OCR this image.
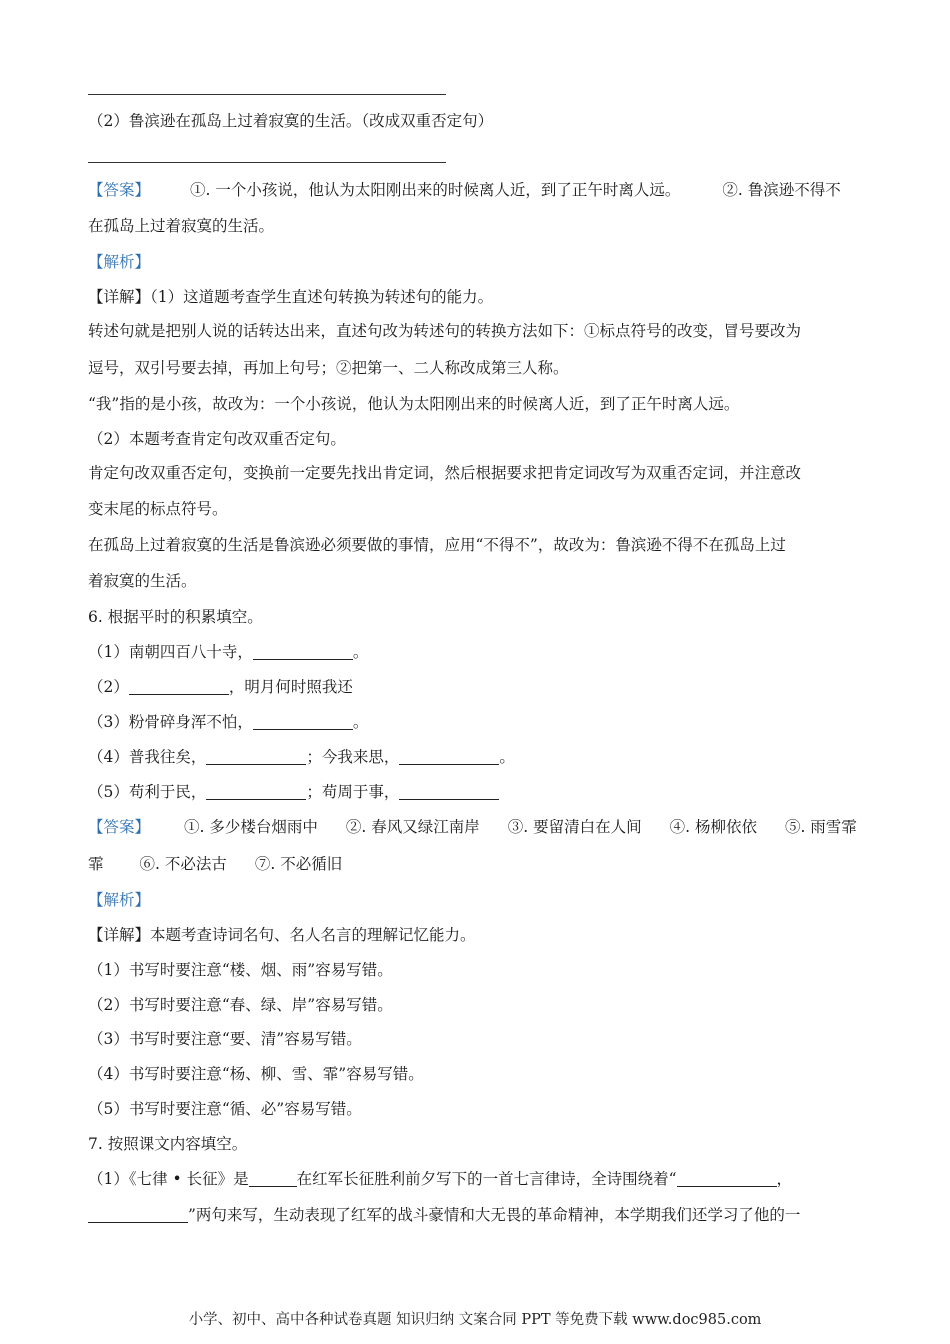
（2）鲁滨逊在孤岛上过着寂寞的生活。（改成双重否定句）
【答案】	①. 一个小孩说，他认为太阳刚出来的时候离人近，到了正午时离人远。	②. 鲁滨逊不得不
在孤岛上过着寂寞的生活。
【解析】
【详解】（1）这道题考查学生直述句转换为转述句的能力。
转述句就是把别人说的话转达出来，直述句改为转述句的转换方法如下：①标点符号的改变，冒号要改为
逗号，双引号要去掉，再加上句号；②把第一、二人称改成第三人称。
“我”指的是小孩，故改为：一个小孩说，他认为太阳刚出来的时候离人近，到了正午时离人远。
（2）本题考查肯定句改双重否定句。
肯定句改双重否定句，变换前一定要先找出肯定词，然后根据要求把肯定词改写为双重否定词，并注意改
变末尾的标点符号。
在孤岛上过着寂寞的生活是鲁滨逊必须要做的事情，应用“不得不”，故改为：鲁滨逊不得不在孤岛上过
着寂寞的生活。
6. 根据平时的积累填空。
（1）南朝四百八十寺，	。
（2）	，明月何时照我还
（3）粉骨碎身浑不怕，	。
（4）普我往矣，	；今我来思，	。
（5）苟利于民，	；苟周于事，
【答案】 ①. 多少楼台烟雨中 ②. 春风又绿江南岸 ③. 要留清白在人间 ④. 杨柳依依 ⑤. 雨雪霏
霏 ⑥. 不必法古 ⑦. 不必循旧
【解析】
【详解】本题考查诗词名句、名人名言的理解记忆能力。
（1）书写时要注意“楼、烟、雨”容易写错。
（2）书写时要注意“春、绿、岸”容易写错。
（3）书写时要注意“要、清”容易写错。
（4）书写时要注意“杨、柳、雪、霏”容易写错。
（5）书写时要注意“循、必”容易写错。
7. 按照课文内容填空。
（1）《七律 • 长征》是	在红军长征胜利前夕写下的一首七言律诗，全诗围绕着“	，
”两句来写，生动表现了红军的战斗豪情和大无畏的革命精神，本学期我们还学习了他的一
小学、初中、高中各种试卷真题 知识归纳 文案合同 PPT 等免费下载 www.doc985.com
